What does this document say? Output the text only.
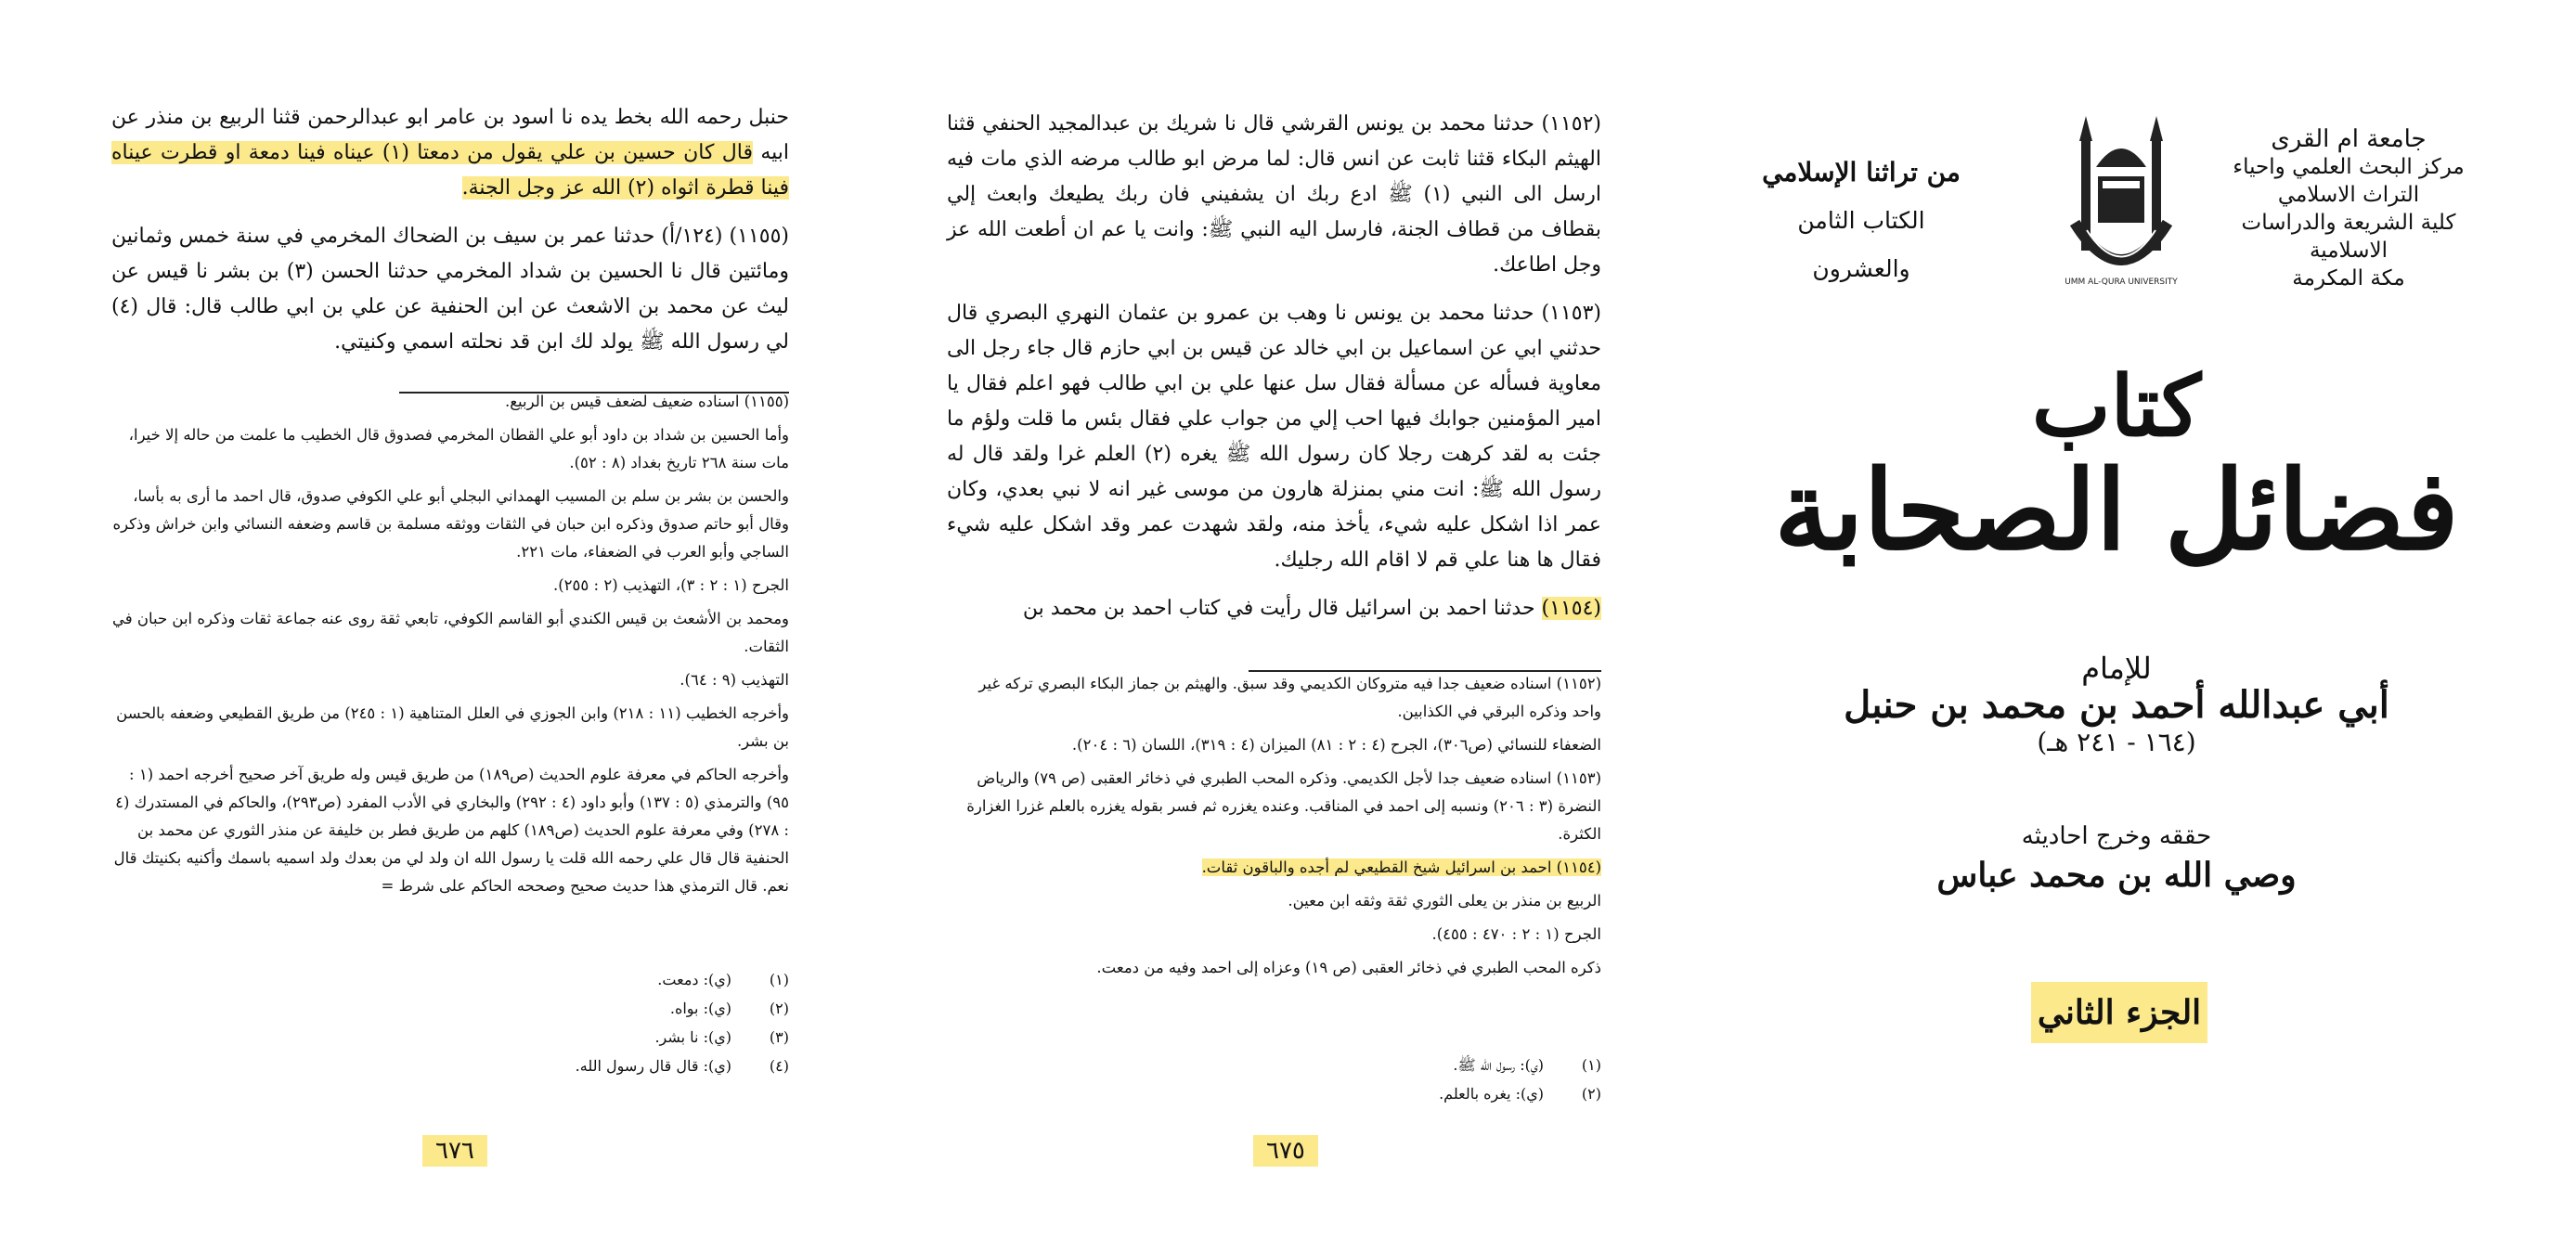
حنبل رحمه الله بخط يده نا اسود بن عامر ابو عبدالرحمن قثنا الربيع بن منذر عن ابيه قال كان حسين بن علي يقول من دمعتا (١) عيناه فينا دمعة او قطرت عيناه فينا قطرة اثواه (٢) الله عز وجل الجنة.

(١١٥٥) (١٢٤/أ) حدثنا عمر بن سيف بن الضحاك المخرمي في سنة خمس وثمانين ومائتين قال نا الحسين بن شداد المخرمي حدثنا الحسن (٣) بن بشر نا قيس عن ليث عن محمد بن الاشعث عن ابن الحنفية عن علي بن ابي طالب قال: قال (٤) لي رسول الله ﷺ يولد لك ابن قد نحلته اسمي وكنيتي.

(١١٥٥) اسناده ضعيف لضعف قيس بن الربيع.
وأما الحسين بن شداد بن داود أبو علي القطان المخرمي فصدوق قال الخطيب ما علمت من حاله إلا خيرا، مات سنة ٢٦٨ تاريخ بغداد (٨ : ٥٢).
والحسن بن بشر بن سلم بن المسيب الهمداني البجلي أبو علي الكوفي صدوق، قال احمد ما أرى به بأسا، وقال أبو حاتم صدوق وذكره ابن حبان في الثقات ووثقه مسلمة بن قاسم وضعفه النسائي وابن خراش وذكره الساجي وأبو العرب في الضعفاء، مات ٢٢١.
الجرح (١ : ٢ : ٣)، التهذيب (٢ : ٢٥٥).
ومحمد بن الأشعث بن قيس الكندي أبو القاسم الكوفي، تابعي ثقة روى عنه جماعة ثقات وذكره ابن حبان في الثقات.
التهذيب (٩ : ٦٤).
وأخرجه الخطيب (١١ : ٢١٨) وابن الجوزي في العلل المتناهية (١ : ٢٤٥) من طريق القطيعي وضعفه بالحسن بن بشر.
وأخرجه الحاكم في معرفة علوم الحديث (ص١٨٩) من طريق قيس وله طريق آخر صحيح أخرجه احمد (١ : ٩٥) والترمذي (٥ : ١٣٧) وأبو داود (٤ : ٢٩٢) والبخاري في الأدب المفرد (ص٢٩٣)، والحاكم في المستدرك (٤ : ٢٧٨) وفي معرفة علوم الحديث (ص١٨٩) كلهم من طريق فطر بن خليفة عن منذر الثوري عن محمد بن الحنفية قال قال علي رحمه الله قلت يا رسول الله ان ولد لي من بعدك ولد اسميه باسمك وأكنيه بكنيتك قال نعم. قال الترمذي هذا حديث صحيح وصححه الحاكم على شرط =
(١)
(ي): دمعت.
(٢)
(ي): بواه.
(٣)
(ي): نا بشر.
(٤)
(ي): قال قال رسول الله.
٦٧٦

(١١٥٢) حدثنا محمد بن يونس القرشي قال نا شريك بن عبدالمجيد الحنفي قثنا الهيثم البكاء قثنا ثابت عن انس قال: لما مرض ابو طالب مرضه الذي مات فيه ارسل الى النبي (١) ﷺ ادع ربك ان يشفيني فان ربك يطيعك وابعث إلي بقطاف من قطاف الجنة، فارسل اليه النبي ﷺ: وانت يا عم ان أطعت الله عز وجل اطاعك.

(١١٥٣) حدثنا محمد بن يونس نا وهب بن عمرو بن عثمان النهري البصري قال حدثني ابي عن اسماعيل بن ابي خالد عن قيس بن ابي حازم قال جاء رجل الى معاوية فسأله عن مسألة فقال سل عنها علي بن ابي طالب فهو اعلم فقال يا امير المؤمنين جوابك فيها احب إلي من جواب علي فقال بئس ما قلت ولؤم ما جئت به لقد كرهت رجلا كان رسول الله ﷺ يغره (٢) العلم غرا ولقد قال له رسول الله ﷺ: انت مني بمنزلة هارون من موسى غير انه لا نبي بعدي، وكان عمر اذا اشكل عليه شيء، يأخذ منه، ولقد شهدت عمر وقد اشكل عليه شيء فقال ها هنا علي قم لا اقام الله رجليك.

(١١٥٤) حدثنا احمد بن اسرائيل قال رأيت في كتاب احمد بن محمد بن

(١١٥٢) اسناده ضعيف جدا فيه متروكان الكديمي وقد سبق. والهيثم بن جماز البكاء البصري تركه غير واحد وذكره البرقي في الكذابين.
الضعفاء للنسائي (ص٣٠٦)، الجرح (٤ : ٢ : ٨١) الميزان (٤ : ٣١٩)، اللسان (٦ : ٢٠٤).
(١١٥٣) اسناده ضعيف جدا لأجل الكديمي. وذكره المحب الطبري في ذخائر العقبى (ص ٧٩) والرياض النضرة (٣ : ٢٠٦) ونسبه إلى احمد في المناقب. وعنده يغزره ثم فسر بقوله يغزره بالعلم غزرا الغزارة الكثرة.
(١١٥٤) احمد بن اسرائيل شيخ القطيعي لم أجده والباقون ثقات.
الربيع بن منذر بن يعلى الثوري ثقة وثقه ابن معين.
الجرح (١ : ٢ : ٤٧٠ : ٤٥٥).
ذكره المحب الطبري في ذخائر العقبى (ص ١٩) وعزاه إلى احمد وفيه من دمعت.
(١)
(ي): رسول الله ﷺ.
(٢)
(ي): يغره بالعلم.
٦٧٥
جامعة ام القرى
مركز البحث العلمي واحياء التراث الاسلامي
كلية الشريعة والدراسات الاسلامية
مكة المكرمة
UMM AL-QURA UNIVERSITY
من تراثنا الإسلامي
الكتاب الثامن والعشرون
كتاب
فضائل الصحابة
للإمام
أبي عبدالله أحمد بن محمد بن حنبل
(١٦٤ - ٢٤١ هـ)
حققه وخرج احاديثه
وصي الله بن محمد عباس
الجزء الثاني
